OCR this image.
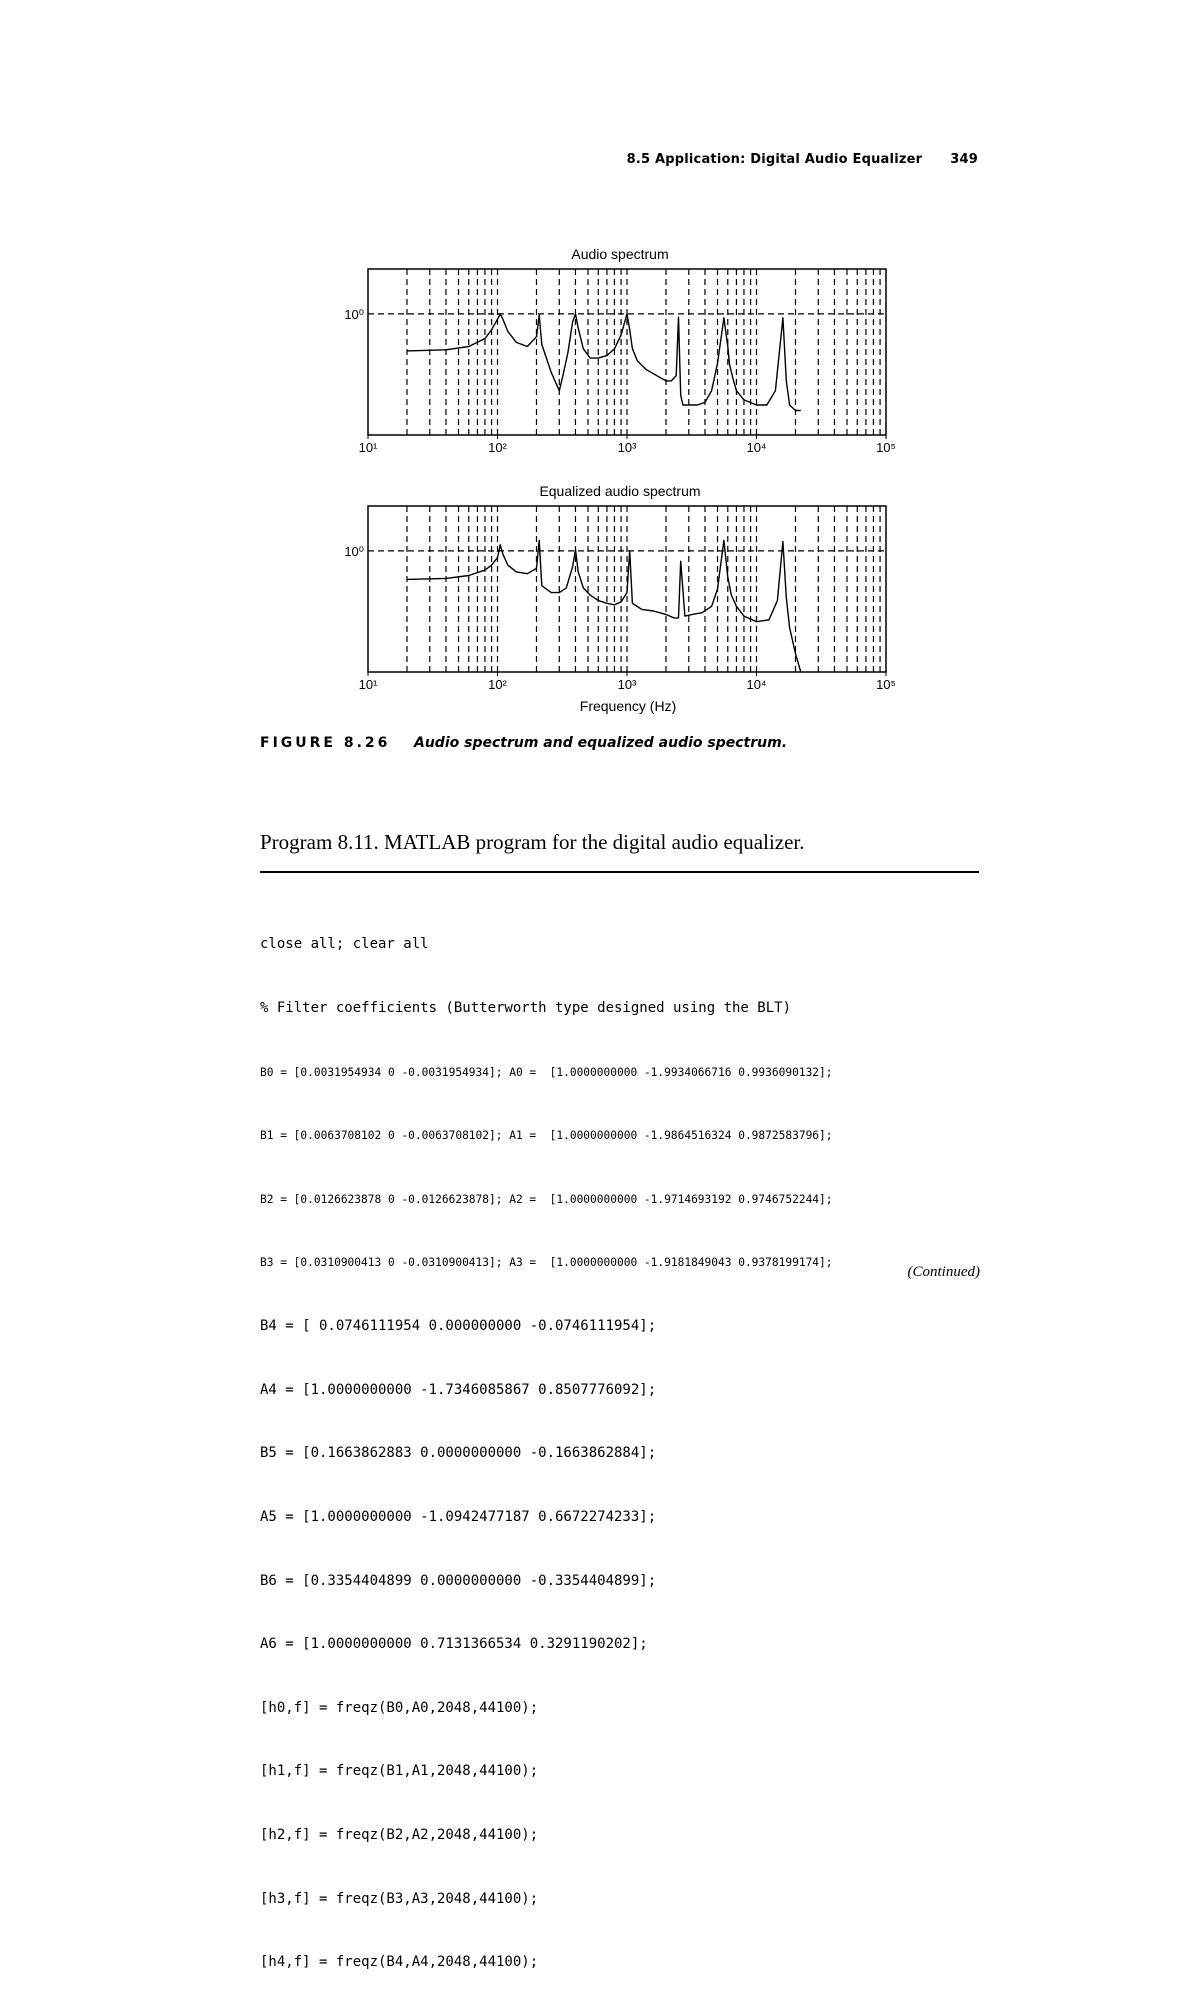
8.5 Application: Digital Audio Equalizer 349
Audio spectrum
10¹	10²	10³	10⁴	10⁵
10⁰
Equalized audio spectrum
10¹	10²	10³	10⁴	10⁵
10⁰
Frequency (Hz)
FIGURE 8.26 Audio spectrum and equalized audio spectrum.
Program 8.11. MATLAB program for the digital audio equalizer.

close all; clear all

% Filter coefficients (Butterworth type designed using the BLT)

B0 = [0.0031954934 0 -0.0031954934]; A0 =  [1.0000000000 -1.9934066716 0.9936090132];

B1 = [0.0063708102 0 -0.0063708102]; A1 =  [1.0000000000 -1.9864516324 0.9872583796];

B2 = [0.0126623878 0 -0.0126623878]; A2 =  [1.0000000000 -1.9714693192 0.9746752244];

B3 = [0.0310900413 0 -0.0310900413]; A3 =  [1.0000000000 -1.9181849043 0.9378199174];

B4 = [ 0.0746111954 0.000000000 -0.0746111954];

A4 = [1.0000000000 -1.7346085867 0.8507776092];

B5 = [0.1663862883 0.0000000000 -0.1663862884];

A5 = [1.0000000000 -1.0942477187 0.6672274233];

B6 = [0.3354404899 0.0000000000 -0.3354404899];

A6 = [1.0000000000 0.7131366534 0.3291190202];

[h0,f] = freqz(B0,A0,2048,44100);

[h1,f] = freqz(B1,A1,2048,44100);

[h2,f] = freqz(B2,A2,2048,44100);

[h3,f] = freqz(B3,A3,2048,44100);

[h4,f] = freqz(B4,A4,2048,44100);

(Continued)
